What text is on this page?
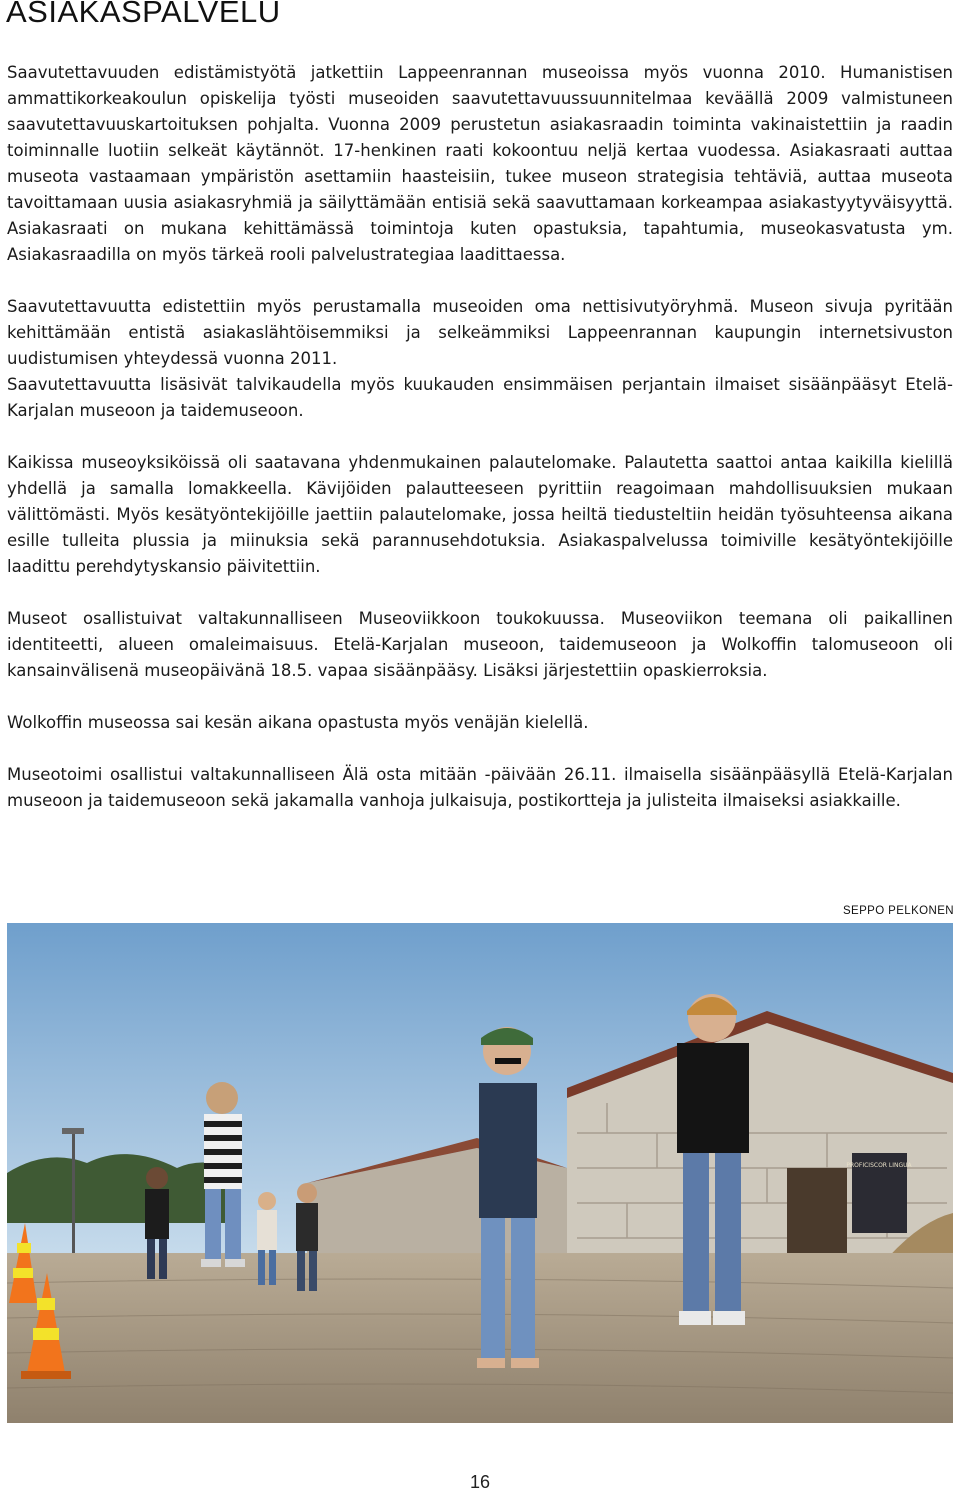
ASIAKASPALVELU

Saavutettavuuden edistämistyötä jatkettiin Lappeenrannan museoissa myös vuonna 2010. Humanistisen ammattikorkeakoulun opiskelija työsti museoiden saavutettavuussuunnitelmaa keväällä 2009 valmistuneen saavutettavuuskartoituksen pohjalta. Vuonna 2009 perustetun asiakasraadin toiminta vakinaistettiin ja raadin toiminnalle luotiin selkeät käytännöt. 17-henkinen raati kokoontuu neljä kertaa vuodessa. Asiakasraati auttaa museota vastaamaan ympäristön asettamiin haasteisiin, tukee museon strategisia tehtäviä, auttaa museota tavoittamaan uusia asiakasryhmiä ja säilyttämään entisiä sekä saavuttamaan korkeampaa asiakastyytyväisyyttä. Asiakasraati on mukana kehittämässä toimintoja kuten opastuksia, tapahtumia, museokasvatusta ym. Asiakasraadilla on myös tärkeä rooli palvelustrategiaa laadittaessa.

Saavutettavuutta edistettiin myös perustamalla museoiden oma nettisivutyöryhmä. Museon sivuja pyritään kehittämään entistä asiakaslähtöisemmiksi ja selkeämmiksi Lappeenrannan kaupungin internetsivuston uudistumisen yhteydessä vuonna 2011.

Saavutettavuutta lisäsivät talvikaudella myös kuukauden ensimmäisen perjantain ilmaiset sisäänpääsyt Etelä-Karjalan museoon ja taidemuseoon.

Kaikissa museoyksiköissä oli saatavana yhdenmukainen palautelomake. Palautetta saattoi antaa kaikilla kielillä yhdellä ja samalla lomakkeella. Kävijöiden palautteeseen pyrittiin reagoimaan mahdollisuuksien mukaan välittömästi. Myös kesätyöntekijöille jaettiin palautelomake, jossa heiltä tiedusteltiin heidän työsuhteensa aikana esille tulleita plussia ja miinuksia sekä parannusehdotuksia. Asiakaspalvelussa toimiville kesätyöntekijöille laadittu perehdytyskansio päivitettiin.

Museot osallistuivat valtakunnalliseen Museoviikkoon toukokuussa. Museoviikon teemana oli paikallinen identiteetti, alueen omaleimaisuus. Etelä-Karjalan museoon, taidemuseoon ja Wolkoffin talomuseoon oli kansainvälisenä museopäivänä 18.5. vapaa sisäänpääsy. Lisäksi järjestettiin opaskierroksia.

Wolkoffin museossa sai kesän aikana opastusta myös venäjän kielellä.

Museotoimi osallistui valtakunnalliseen Älä osta mitään -päivään 26.11. ilmaisella sisäänpääsyllä Etelä-Karjalan museoon ja taidemuseoon sekä jakamalla vanhoja julkaisuja, postikortteja ja julisteita ilmaiseksi asiakkaille.

SEPPO PELKONEN
PROFICISCOR LINGUA
16
